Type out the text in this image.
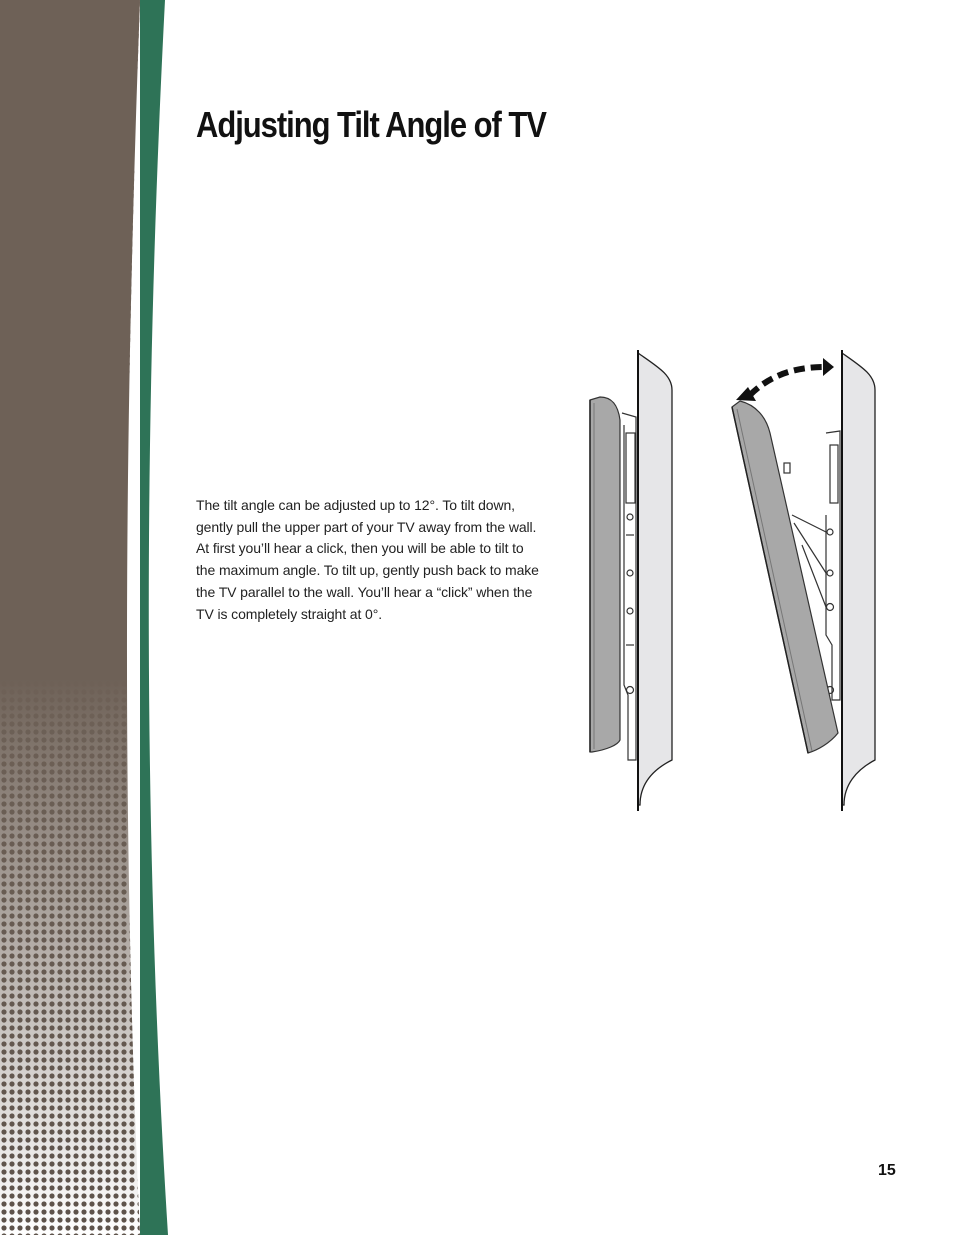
Adjusting Tilt Angle of TV

The tilt angle can be adjusted up to 12°. To tilt down, gently pull the upper part of your TV away from the wall. At first you’ll hear a click, then you will be able to tilt to the maximum angle. To tilt up, gently push back to make the TV parallel to the wall. You’ll hear a “click” when the TV is completely straight at 0°.

15
